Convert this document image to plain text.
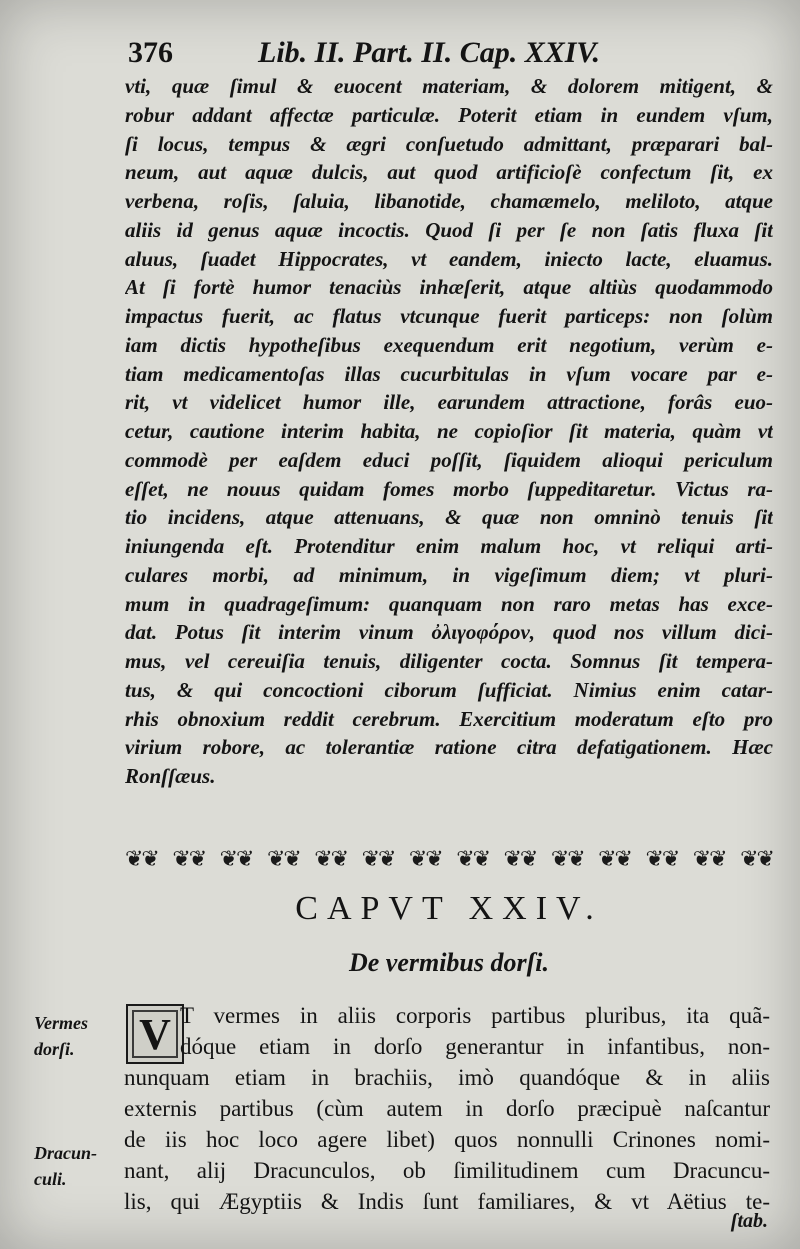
376	Lib. II. Part. II. Cap. XXIV.
vti, quæ ſimul & euocent materiam, & dolorem mitigent, &
robur addant affectæ particulæ. Poterit etiam in eundem vſum,
ſi locus, tempus & ægri conſuetudo admittant, præparari bal-
neum, aut aquæ dulcis, aut quod artificioſè confectum ſit, ex
verbena, roſis, ſaluia, libanotide, chamæmelo, meliloto, atque
aliis id genus aquæ incoctis. Quod ſi per ſe non ſatis fluxa ſit
aluus, ſuadet Hippocrates, vt eandem, iniecto lacte, eluamus.
At ſi fortè humor tenaciùs inhæſerit, atque altiùs quodammodo
impactus fuerit, ac flatus vtcunque fuerit particeps: non ſolùm
iam dictis hypotheſibus exequendum erit negotium, verùm e-
tiam medicamentoſas illas cucurbitulas in vſum vocare par e-
rit, vt videlicet humor ille, earundem attractione, forâs euo-
cetur, cautione interim habita, ne copioſior ſit materia, quàm vt
commodè per eaſdem educi poſſit, ſiquidem alioqui periculum
eſſet, ne nouus quidam fomes morbo ſuppeditaretur. Victus ra-
tio incidens, atque attenuans, & quæ non omninò tenuis ſit
iniungenda eſt. Protenditur enim malum hoc, vt reliqui arti-
culares morbi, ad minimum, in vigeſimum diem; vt pluri-
mum in quadrageſimum: quanquam non raro metas has exce-
dat. Potus ſit interim vinum ὀλιγοφόρον, quod nos villum dici-
mus, vel cereuiſia tenuis, diligenter cocta. Somnus ſit tempera-
tus, & qui concoctioni ciborum ſufficiat. Nimius enim catar-
rhis obnoxium reddit cerebrum. Exercitium moderatum eſto pro
virium robore, ac tolerantiæ ratione citra defatigationem. Hæc
Ronſſæus.
❦❦ ❦❦ ❦❦ ❦❦ ❦❦ ❦❦ ❦❦ ❦❦ ❦❦ ❦❦ ❦❦ ❦❦ ❦❦ ❦❦
CAPVT XXIV.
De vermibus dorſi.
V T vermes in aliis corporis partibus pluribus, ita quã-
dóque etiam in dorſo generantur in infantibus, non-
nunquam etiam in brachiis, imò quandóque & in aliis
externis partibus (cùm autem in dorſo præcipuè naſcantur
de iis hoc loco agere libet) quos nonnulli Crinones nomi-
nant, alij Dracunculos, ob ſimilitudinem cum Dracuncu-
lis, qui Ægyptiis & Indis ſunt familiares, & vt Aëtius te-
ſtab.
Vermes
dorſi.
Dracun-
culi.
